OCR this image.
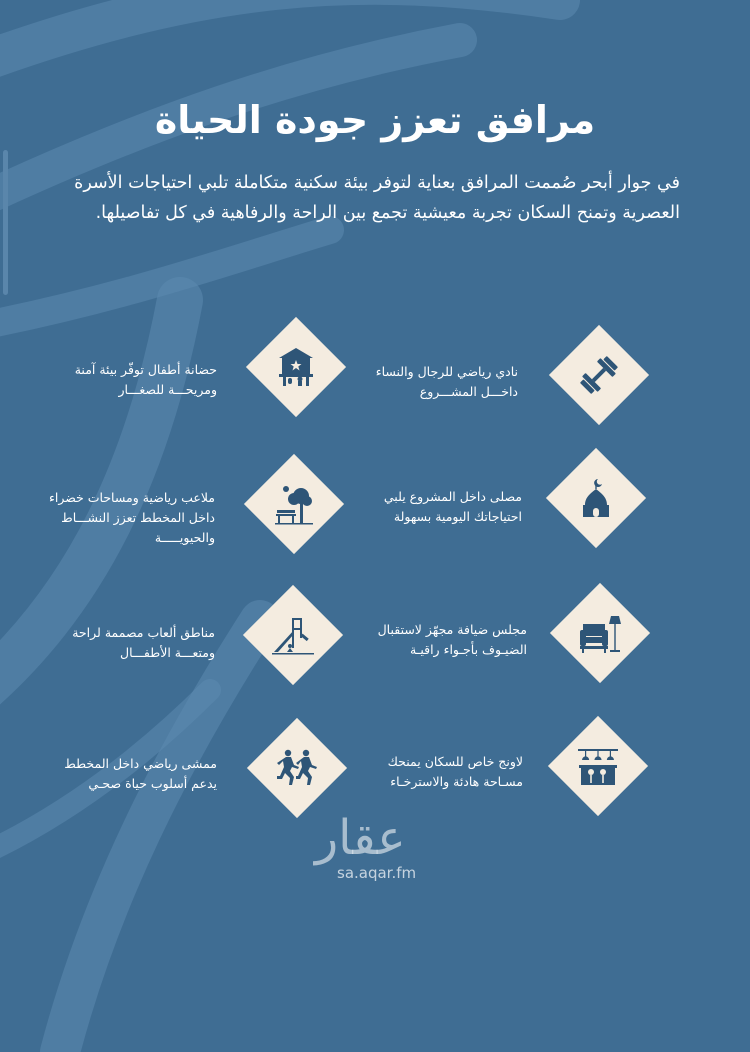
مرافق تعزز جودة الحياة
في جوار أبحر صُممت المرافق بعناية لتوفر بيئة سكنية متكاملة تلبي احتياجات الأسرة العصرية وتمنح السكان تجربة معيشية تجمع بين الراحة والرفاهية في كل تفاصيلها.
نادي رياضي للرجال والنساء
داخـــل المشـــروع
حضانة أطفال توفّر بيئة آمنة
ومريحـــة للصغـــار
مصلى داخل المشروع يلبي
احتياجاتك اليومية بسهولة
ملاعب رياضية ومساحات خضراء
داخل المخطط تعزز النشـــاط
والحيويـــــة
مجلس ضيافة مجهّز لاستقبال
الضيـوف بأجـواء راقيـة
مناطق ألعاب مصممة لراحة
ومتعـــة الأطفـــال
لاونج خاص للسكان يمنحك
مسـاحة هادئة والاسترخـاء
ممشى رياضي داخل المخطط
يدعم أسلوب حياة صحـي
عقار
sa.aqar.fm
